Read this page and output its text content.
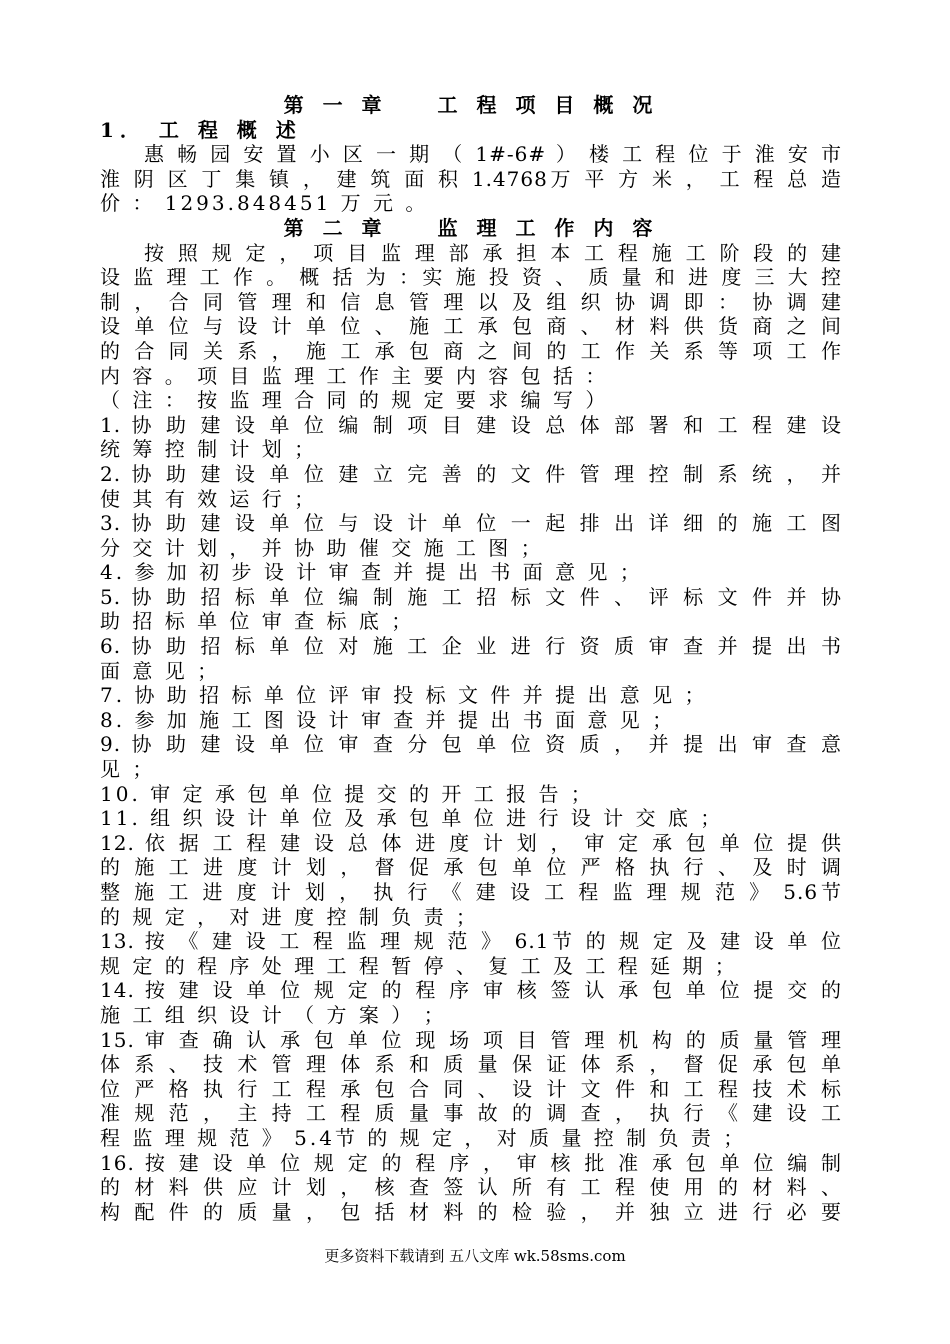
第 一 章	工 程 项 目 概 况
1． 工 程 概 述
惠 畅 园 安 置 小 区 一 期 （ 1#-6# ） 楼 工 程 位 于 淮 安 市
淮 阴 区 丁 集 镇 ， 建 筑 面 积 1.4768万 平 方 米 ， 工 程 总 造
价 ： 1293.848451 万 元 。
第 二 章	监 理 工 作 内 容
按 照 规 定 ， 项 目 监 理 部 承 担 本 工 程 施 工 阶 段 的 建
设 监 理 工 作 。 概 括 为 ：实 施 投 资 、 质 量 和 进 度 三 大 控
制 ， 合 同 管 理 和 信 息 管 理 以 及 组 织 协 调 即 ： 协 调 建
设 单 位 与 设 计 单 位 、 施 工 承 包 商 、 材 料 供 货 商 之 间
的 合 同 关 系 ， 施 工 承 包 商 之 间 的 工 作 关 系 等 项 工 作
内 容 。 项 目 监 理 工 作 主 要 内 容 包 括 ：
（ 注 ： 按 监 理 合 同 的 规 定 要 求 编 写 ）
1. 协 助 建 设 单 位 编 制 项 目 建 设 总 体 部 署 和 工 程 建 设
统 筹 控 制 计 划 ；
2. 协 助 建 设 单 位 建 立 完 善 的 文 件 管 理 控 制 系 统 ， 并
使 其 有 效 运 行 ；
3. 协 助 建 设 单 位 与 设 计 单 位 一 起 排 出 详 细 的 施 工 图
分 交 计 划 ， 并 协 助 催 交 施 工 图 ；
4. 参 加 初 步 设 计 审 查 并 提 出 书 面 意 见 ；
5. 协 助 招 标 单 位 编 制 施 工 招 标 文 件 、 评 标 文 件 并 协
助 招 标 单 位 审 查 标 底 ；
6. 协 助 招 标 单 位 对 施 工 企 业 进 行 资 质 审 查 并 提 出 书
面 意 见 ；
7. 协 助 招 标 单 位 评 审 投 标 文 件 并 提 出 意 见 ；
8. 参 加 施 工 图 设 计 审 查 并 提 出 书 面 意 见 ；
9. 协 助 建 设 单 位 审 查 分 包 单 位 资 质 ， 并 提 出 审 查 意
见 ；
10. 审 定 承 包 单 位 提 交 的 开 工 报 告 ；
11. 组 织 设 计 单 位 及 承 包 单 位 进 行 设 计 交 底 ；
12. 依 据 工 程 建 设 总 体 进 度 计 划 ， 审 定 承 包 单 位 提 供
的 施 工 进 度 计 划 ， 督 促 承 包 单 位 严 格 执 行 、 及 时 调
整 施 工 进 度 计 划 ， 执 行 《 建 设 工 程 监 理 规 范 》 5.6节
的 规 定 ， 对 进 度 控 制 负 责 ；
13. 按 《 建 设 工 程 监 理 规 范 》 6.1节 的 规 定 及 建 设 单 位
规 定 的 程 序 处 理 工 程 暂 停 、 复 工 及 工 程 延 期 ；
14. 按 建 设 单 位 规 定 的 程 序 审 核 签 认 承 包 单 位 提 交 的
施 工 组 织 设 计 （ 方 案 ） ；
15. 审 查 确 认 承 包 单 位 现 场 项 目 管 理 机 构 的 质 量 管 理
体 系 、 技 术 管 理 体 系 和 质 量 保 证 体 系 ， 督 促 承 包 单
位 严 格 执 行 工 程 承 包 合 同 、 设 计 文 件 和 工 程 技 术 标
准 规 范 ， 主 持 工 程 质 量 事 故 的 调 查 ， 执 行 《 建 设 工
程 监 理 规 范 》 5.4节 的 规 定 ， 对 质 量 控 制 负 责 ；
16. 按 建 设 单 位 规 定 的 程 序 ， 审 核 批 准 承 包 单 位 编 制
的 材 料 供 应 计 划 ， 核 查 签 认 所 有 工 程 使 用 的 材 料 、
构 配 件 的 质 量 ， 包 括 材 料 的 检 验 ， 并 独 立 进 行 必 要
更多资料下载请到 五八文库 wk.58sms.com
